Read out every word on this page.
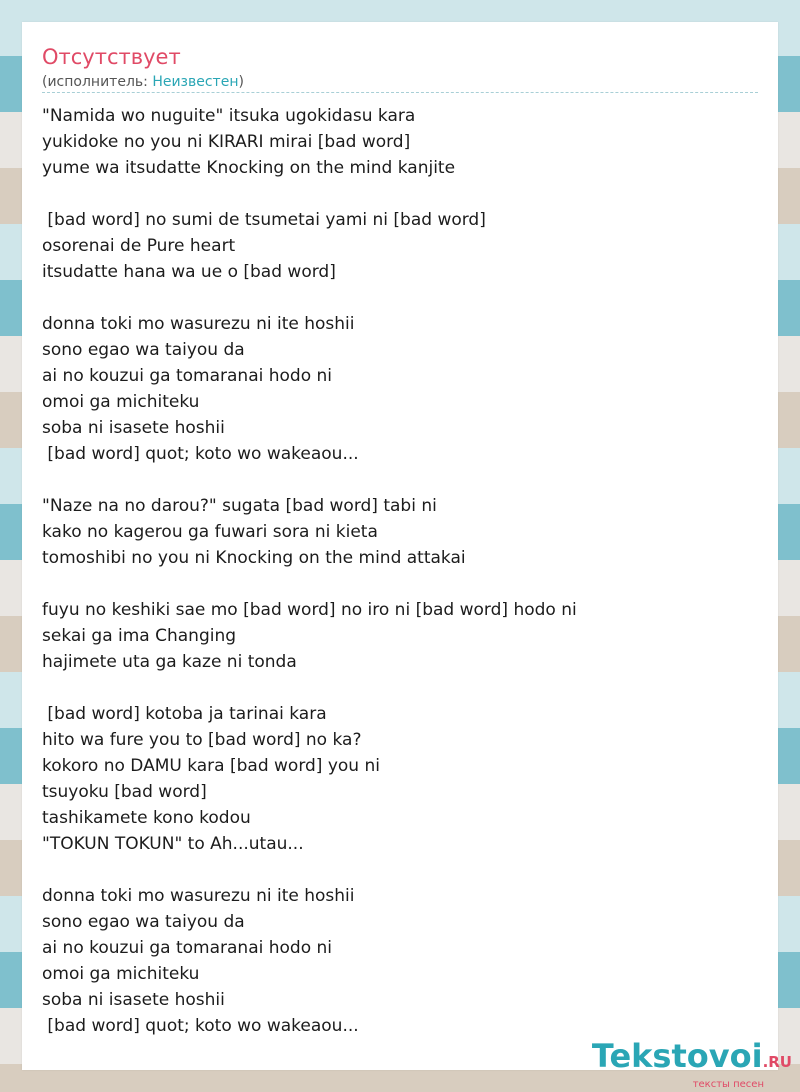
Отсутствует
(исполнитель: Неизвестен)
"Namida wo nuguite" itsuka ugokidasu kara
yukidoke no you ni KIRARI mirai [bad word]
yume wa itsudatte Knocking on the mind kanjite
[bad word] no sumi de tsumetai yami ni [bad word]
osorenai de Pure heart
itsudatte hana wa ue o [bad word]
donna toki mo wasurezu ni ite hoshii
sono egao wa taiyou da
ai no kouzui ga tomaranai hodo ni
omoi ga michiteku
soba ni isasete hoshii
[bad word] quot; koto wo wakeaou...
"Naze na no darou?" sugata [bad word] tabi ni
kako no kagerou ga fuwari sora ni kieta
tomoshibi no you ni Knocking on the mind attakai
fuyu no keshiki sae mo [bad word] no iro ni [bad word] hodo ni
sekai ga ima Changing
hajimete uta ga kaze ni tonda
[bad word] kotoba ja tarinai kara
hito wa fure you to [bad word] no ka?
kokoro no DAMU kara [bad word] you ni
tsuyoku [bad word]
tashikamete kono kodou
"TOKUN TOKUN" to Ah...utau...
donna toki mo wasurezu ni ite hoshii
sono egao wa taiyou da
ai no kouzui ga tomaranai hodo ni
omoi ga michiteku
soba ni isasete hoshii
[bad word] quot; koto wo wakeaou...
Tekstovoi.RU
тексты песен
